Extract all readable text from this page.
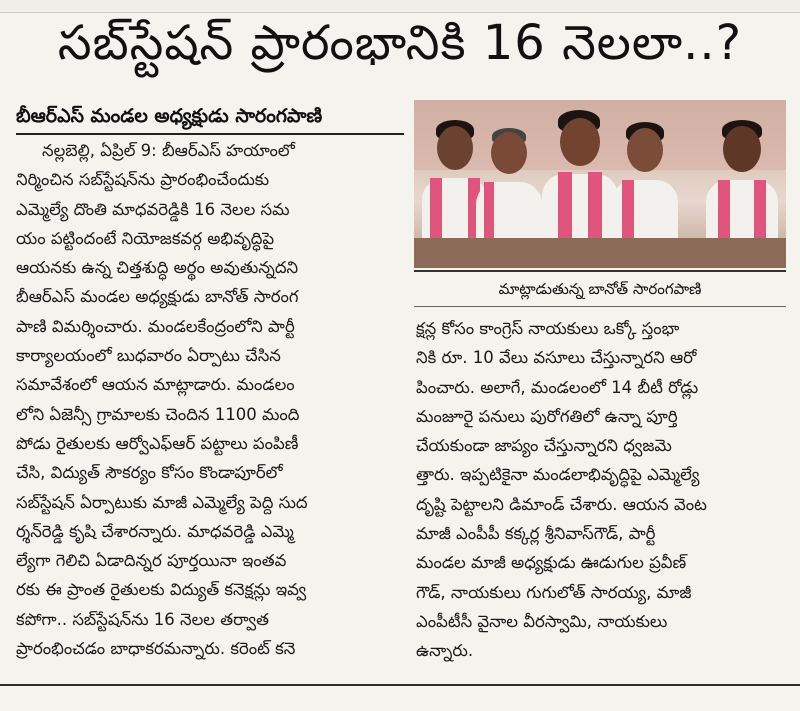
సబ్‌స్టేషన్ ప్రారంభానికి 16 నెలలా..?
బీఆర్ఎస్ మండల అధ్యక్షుడు సారంగపాణి
నల్లబెల్లి, ఏప్రిల్ 9: బీఆర్ఎస్ హయాంలో
నిర్మించిన సబ్‌స్టేషన్‌ను ప్రారంభించేందుకు
ఎమ్మెల్యే దొంతి మాధవరెడ్డికి 16 నెలల సమ
యం పట్టిందంటే నియోజకవర్గ అభివృద్ధిపై
ఆయనకు ఉన్న చిత్తశుద్ధి అర్థం అవుతున్నదని
బీఆర్ఎస్ మండల అధ్యక్షుడు బానోత్ సారంగ
పాణి విమర్శించారు. మండలకేంద్రంలోని పార్టీ
కార్యాలయంలో బుధవారం ఏర్పాటు చేసిన
సమావేశంలో ఆయన మాట్లాడారు. మండలం
లోని ఏజెన్సీ గ్రామాలకు చెందిన 1100 మంది
పోడు రైతులకు ఆర్వోఎఫ్ఆర్ పట్టాలు పంపిణీ
చేసి, విద్యుత్ సౌకర్యం కోసం కొండాపూర్‌లో
సబ్‌స్టేషన్ ఏర్పాటుకు మాజీ ఎమ్మెల్యే పెద్ది సుద
ర్శన్‌రెడ్డి కృషి చేశారన్నారు. మాధవరెడ్డి ఎమ్మె
ల్యేగా గెలిచి ఏడాదిన్నర పూర్తయినా ఇంతవ
రకు ఈ ప్రాంత రైతులకు విద్యుత్ కనెక్షన్లు ఇవ్వ
కపోగా.. సబ్‌స్టేషన్‌ను 16 నెలల తర్వాత
ప్రారంభించడం బాధాకరమన్నారు. కరెంట్ కనె
మాట్లాడుతున్న బానోత్ సారంగపాణి
క్షన్ల కోసం కాంగ్రెస్ నాయకులు ఒక్కో స్తంభా
నికి రూ. 10 వేలు వసూలు చేస్తున్నారని ఆరో
పించారు. అలాగే, మండలంలో 14 బీటీ రోడ్లు
మంజూరై పనులు పురోగతిలో ఉన్నా పూర్తి
చేయకుండా జాప్యం చేస్తున్నారని ధ్వజమె
త్తారు. ఇప్పటికైనా మండలాభివృద్ధిపై ఎమ్మెల్యే
దృష్టి పెట్టాలని డిమాండ్ చేశారు. ఆయన వెంట
మాజీ ఎంపీపీ కక్కర్ల శ్రీనివాస్‌గౌడ్, పార్టీ
మండల మాజీ అధ్యక్షుడు ఊడుగుల ప్రవీణ్
గౌడ్, నాయకులు గుగులోత్ సారయ్య, మాజీ
ఎంపీటీసీ వైనాల వీరస్వామి, నాయకులు
ఉన్నారు.
